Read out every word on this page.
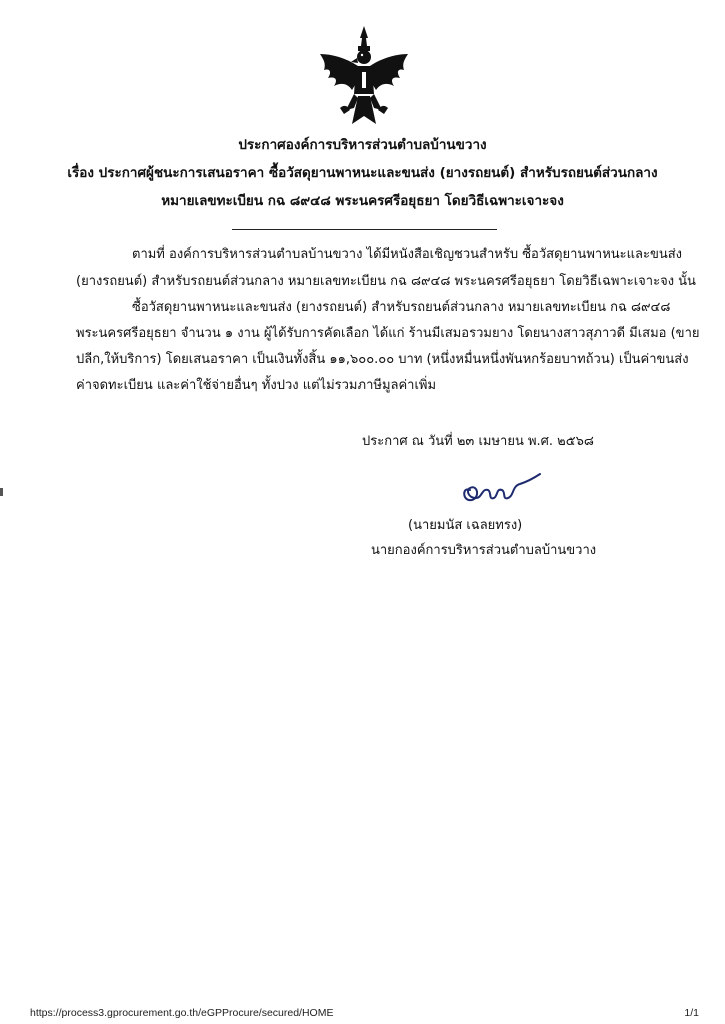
ประกาศองค์การบริหารส่วนตำบลบ้านขวาง
เรื่อง ประกาศผู้ชนะการเสนอราคา ซื้อวัสดุยานพาหนะและขนส่ง (ยางรถยนต์) สำหรับรถยนต์ส่วนกลาง
หมายเลขทะเบียน กฉ ๘๙๔๘ พระนครศรีอยุธยา โดยวิธีเฉพาะเจาะจง
ตามที่ องค์การบริหารส่วนตำบลบ้านขวาง ได้มีหนังสือเชิญชวนสำหรับ ซื้อวัสดุยานพาหนะและขนส่ง
(ยางรถยนต์) สำหรับรถยนต์ส่วนกลาง หมายเลขทะเบียน กฉ ๘๙๔๘ พระนครศรีอยุธยา โดยวิธีเฉพาะเจาะจง นั้น
ซื้อวัสดุยานพาหนะและขนส่ง (ยางรถยนต์) สำหรับรถยนต์ส่วนกลาง หมายเลขทะเบียน กฉ ๘๙๔๘
พระนครศรีอยุธยา จำนวน ๑ งาน ผู้ได้รับการคัดเลือก ได้แก่ ร้านมีเสมอรวมยาง โดยนางสาวสุภาวดี มีเสมอ (ขาย
ปลีก,ให้บริการ) โดยเสนอราคา เป็นเงินทั้งสิ้น ๑๑,๖๐๐.๐๐ บาท (หนึ่งหมื่นหนึ่งพันหกร้อยบาทถ้วน) เป็นค่าขนส่ง
ค่าจดทะเบียน และค่าใช้จ่ายอื่นๆ ทั้งปวง แต่ไม่รวมภาษีมูลค่าเพิ่ม
ประกาศ ณ วันที่ ๒๓ เมษายน พ.ศ. ๒๕๖๘
(นายมนัส เฉลยทรง)
นายกองค์การบริหารส่วนตำบลบ้านขวาง
https://process3.gprocurement.go.th/eGPProcure/secured/HOME	1/1
